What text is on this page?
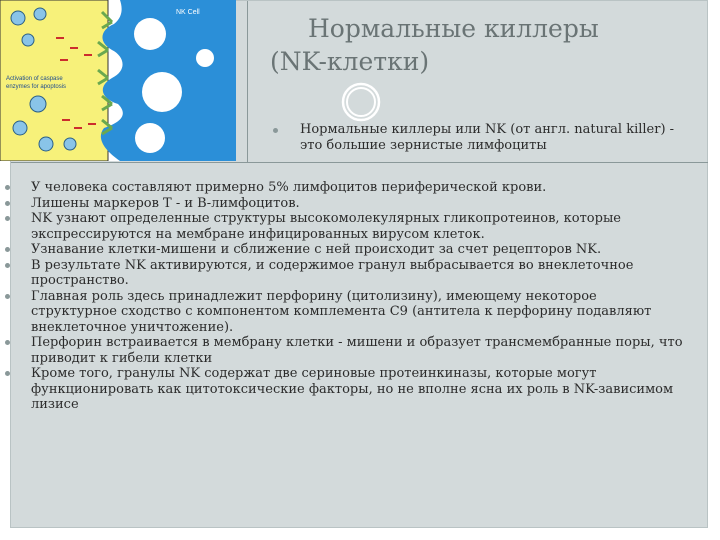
NK Cell
Activation of caspase
enzymes for apoptosis
Нормальные киллеры
(NK-клетки)
Нормальные киллеры или NK (от англ. natural killer) - это большие зернистые лимфоциты
У человека составляют примерно 5% лимфоцитов периферической крови.
Лишены маркеров Т - и В-лимфоцитов.
NK узнают определенные структуры высокомолекулярных гликопротеинов, которые экспрессируются на мембране инфицированных вирусом клеток.
Узнавание клетки-мишени и сближение с ней происходит за счет рецепторов NK.
В результате NK активируются, и содержимое гранул выбрасывается во внеклеточное пространство.
Главная роль здесь принадлежит перфорину (цитолизину), имеющему некоторое структурное сходство с компонентом комплемента С9 (антитела к перфорину подавляют внеклеточное уничтожение).
Перфорин встраивается в мембрану клетки - мишени и образует трансмембранные поры, что приводит к гибели клетки
Кроме того, гранулы NK содержат две сериновые протеинкиназы, которые могут функционировать как цитотоксические факторы, но не вполне ясна их роль в NK-зависимом лизисе
